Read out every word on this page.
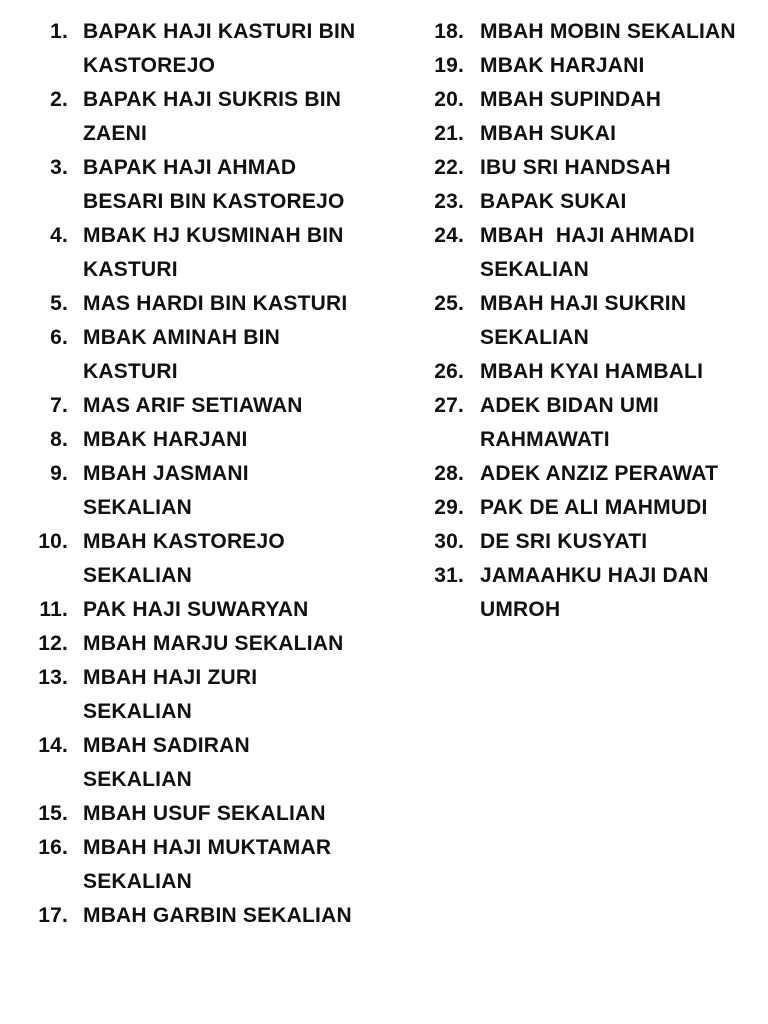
1. BAPAK HAJI KASTURI BIN KASTOREJO
2. BAPAK HAJI SUKRIS BIN ZAENI
3. BAPAK HAJI AHMAD BESARI BIN KASTOREJO
4. MBAK HJ KUSMINAH BIN KASTURI
5. MAS HARDI BIN KASTURI
6. MBAK AMINAH BIN KASTURI
7. MAS ARIF SETIAWAN
8. MBAK HARJANI
9. MBAH JASMANI SEKALIAN
10. MBAH KASTOREJO SEKALIAN
11. PAK HAJI SUWARYAN
12. MBAH MARJU SEKALIAN
13. MBAH HAJI ZURI SEKALIAN
14. MBAH SADIRAN SEKALIAN
15. MBAH USUF SEKALIAN
16. MBAH HAJI MUKTAMAR SEKALIAN
17. MBAH GARBIN SEKALIAN
18. MBAH MOBIN SEKALIAN
19. MBAK HARJANI
20. MBAH SUPINDAH
21. MBAH SUKAI
22. IBU SRI HANDSAH
23. BAPAK SUKAI
24. MBAH  HAJI AHMADI SEKALIAN
25. MBAH HAJI SUKRIN SEKALIAN
26. MBAH KYAI HAMBALI
27. ADEK BIDAN UMI RAHMAWATI
28. ADEK ANZIZ PERAWAT
29. PAK DE ALI MAHMUDI
30. DE SRI KUSYATI
31. JAMAAHKU HAJI DAN UMROH
